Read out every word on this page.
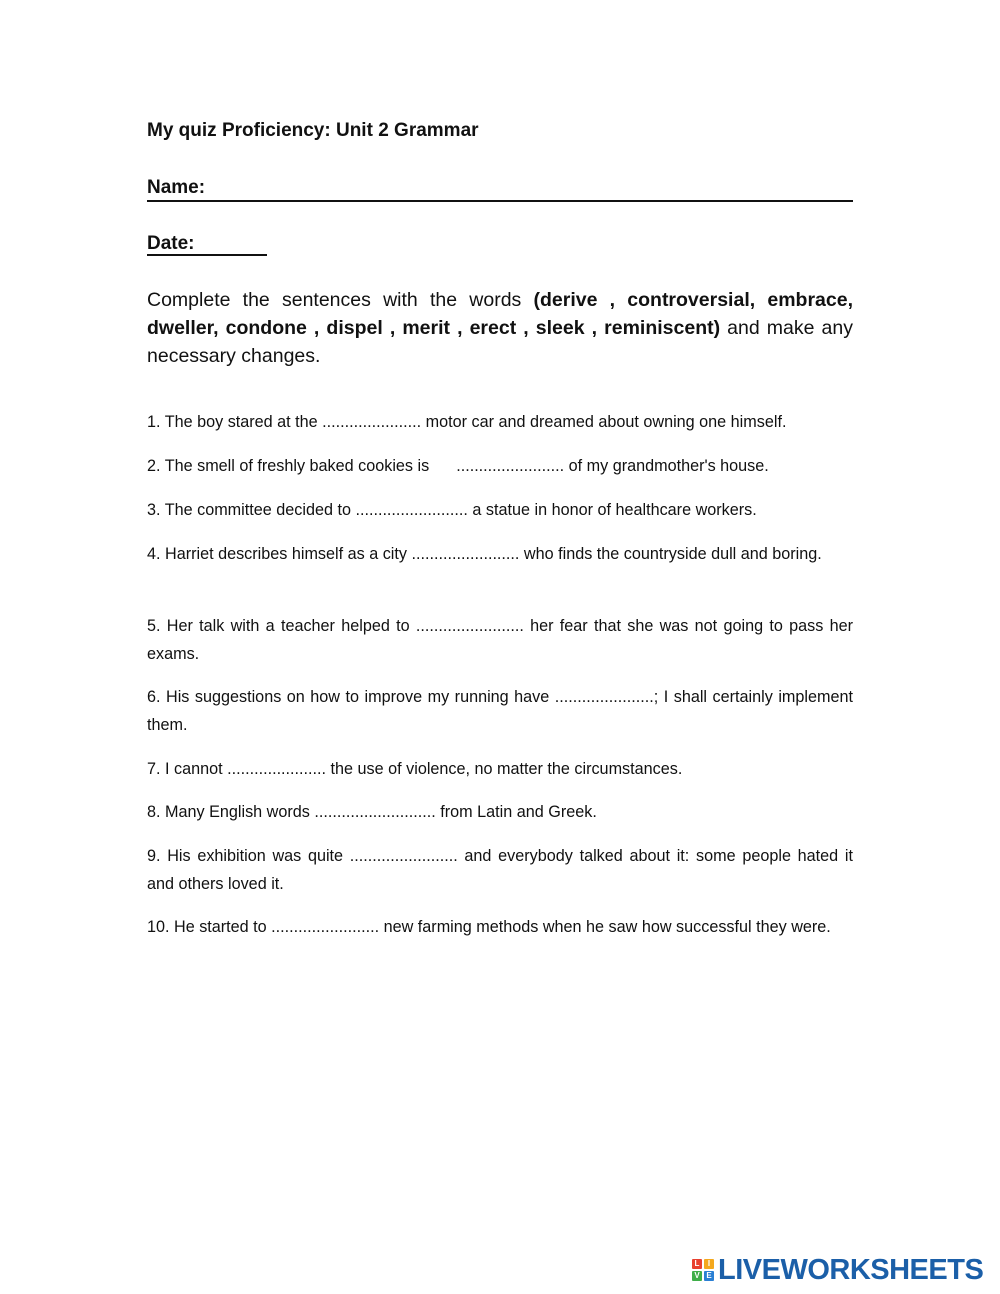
My quiz Proficiency: Unit 2 Grammar
Name:
Date:
Complete the sentences with the words (derive , controversial, embrace, dweller, condone , dispel , merit , erect , sleek , reminiscent) and make any necessary changes.
1. The boy stared at the ...................... motor car and dreamed about owning one himself.
2. The smell of freshly baked cookies is      ........................ of my grandmother's house.
3. The committee decided to ......................... a statue in honor of healthcare workers.
4. Harriet describes himself as a city ........................ who finds the countryside dull and boring.
5. Her talk with a teacher helped to ........................ her fear that she was not going to pass her exams.
6. His suggestions on how to improve my running have ......................; I shall certainly implement them.
7. I cannot ...................... the use of violence, no matter the circumstances.
8. Many English words ........................... from Latin and Greek.
9. His exhibition was quite ........................ and everybody talked about it: some people hated it and others loved it.
10. He started to ........................ new farming methods when he saw how successful they were.
L	I
V E LIVEWORKSHEETS
